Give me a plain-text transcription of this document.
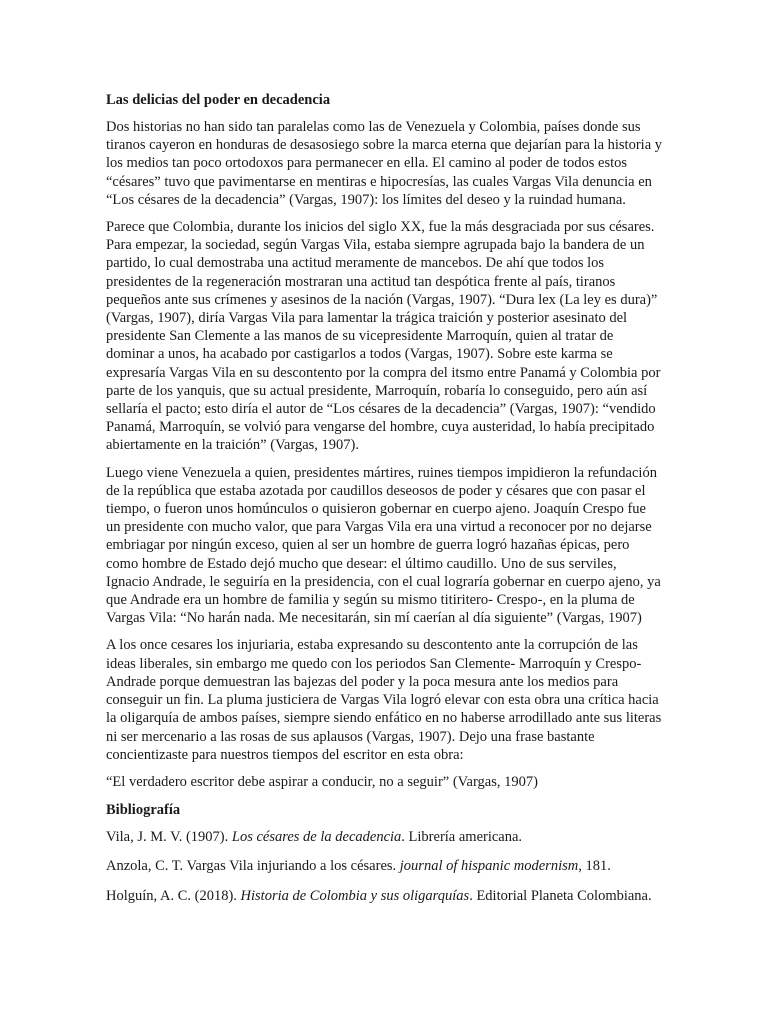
Las delicias del poder en decadencia

Dos historias no han sido tan paralelas como las de Venezuela y Colombia, países donde sus tiranos cayeron en honduras de desasosiego sobre la marca eterna que dejarían para la historia y los medios tan poco ortodoxos para permanecer en ella. El camino al poder de todos estos “césares” tuvo que pavimentarse en mentiras e hipocresías, las cuales Vargas Vila denuncia en “Los césares de la decadencia” (Vargas, 1907): los límites del deseo y la ruindad humana.

Parece que Colombia, durante los inicios del siglo XX, fue la más desgraciada por sus césares. Para empezar, la sociedad, según Vargas Vila, estaba siempre agrupada bajo la bandera de un partido, lo cual demostraba una actitud meramente de mancebos. De ahí que todos los presidentes de la regeneración mostraran una actitud tan despótica frente al país, tiranos pequeños ante sus crímenes y asesinos de la nación (Vargas, 1907). “Dura lex (La ley es dura)” (Vargas, 1907), diría Vargas Vila para lamentar la trágica traición y posterior asesinato del presidente San Clemente a las manos de su vicepresidente Marroquín, quien al tratar de dominar a unos, ha acabado por castigarlos a todos (Vargas, 1907). Sobre este karma se expresaría Vargas Vila en su descontento por la compra del itsmo entre Panamá y Colombia por parte de los yanquis, que su actual presidente, Marroquín, robaría lo conseguido, pero aún así sellaría el pacto; esto diría el autor de “Los césares de la decadencia” (Vargas, 1907): “vendido Panamá, Marroquín, se volvió para vengarse del hombre, cuya austeridad, lo había precipitado abiertamente en la traición” (Vargas, 1907).

Luego viene Venezuela a quien, presidentes mártires, ruines tiempos impidieron la refundación de la república que estaba azotada por caudillos deseosos de poder y césares que con pasar el tiempo, o fueron unos homúnculos o quisieron gobernar en cuerpo ajeno. Joaquín Crespo fue un presidente con mucho valor, que para Vargas Vila era una virtud a reconocer por no dejarse embriagar por ningún exceso, quien al ser un hombre de guerra logró hazañas épicas, pero como hombre de Estado dejó mucho que desear: el último caudillo. Uno de sus serviles, Ignacio Andrade, le seguiría en la presidencia, con el cual lograría gobernar en cuerpo ajeno, ya que Andrade era un hombre de familia y según su mismo titiritero- Crespo-, en la pluma de Vargas Vila: “No harán nada. Me necesitarán, sin mí caerían al día siguiente” (Vargas, 1907)

A los once cesares los injuriaria, estaba expresando su descontento ante la corrupción de las ideas liberales, sin embargo me quedo con los periodos San Clemente- Marroquín y Crespo- Andrade porque demuestran las bajezas del poder y la poca mesura ante los medios para conseguir un fin. La pluma justiciera de Vargas Vila logró elevar con esta obra una crítica hacia la oligarquía de ambos países, siempre siendo enfático en no haberse arrodillado ante sus literas ni ser mercenario a las rosas de sus aplausos (Vargas, 1907). Dejo una frase bastante concientizaste para nuestros tiempos del escritor en esta obra:

“El verdadero escritor debe aspirar a conducir, no a seguir” (Vargas, 1907)

Bibliografía

Vila, J. M. V. (1907). Los césares de la decadencia. Librería americana.

Anzola, C. T. Vargas Vila injuriando a los césares. journal of hispanic modernism, 181.

Holguín, A. C. (2018). Historia de Colombia y sus oligarquías. Editorial Planeta Colombiana.
